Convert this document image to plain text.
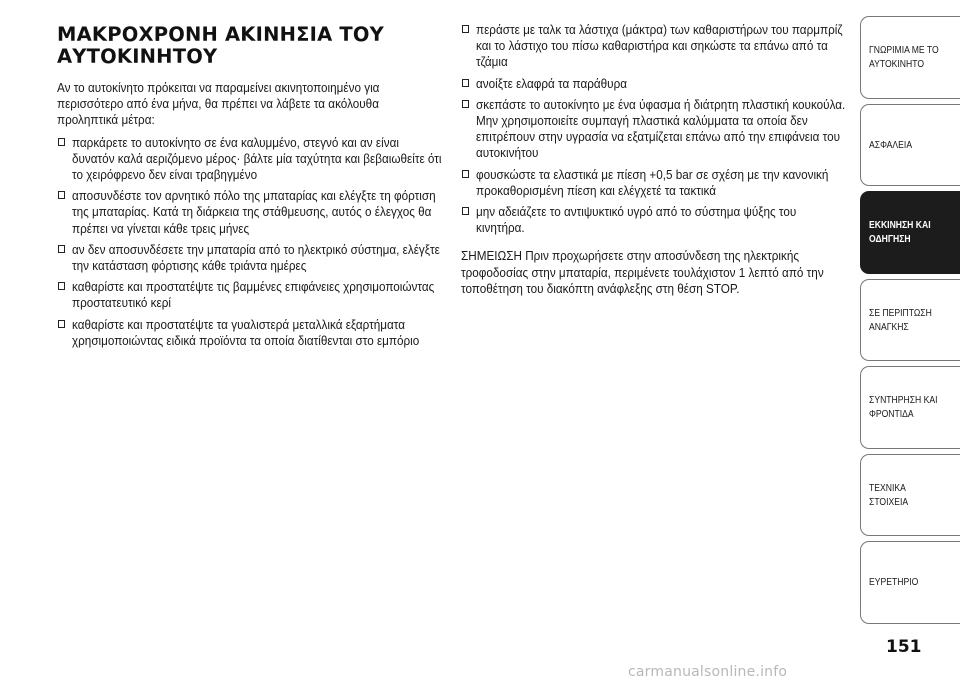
ΜΑΚΡΟΧΡΟΝΗ ΑΚΙΝΗΣΙΑ ΤΟΥ ΑΥΤΟΚΙΝΗΤΟΥ

Αν το αυτοκίνητο πρόκειται να παραμείνει ακινητοποιημένο για περισσότερο από ένα μήνα, θα πρέπει να λάβετε τα ακόλουθα προληπτικά μέτρα:

παρκάρετε το αυτοκίνητο σε ένα καλυμμένο, στεγνό και αν είναι δυνατόν καλά αεριζόμενο μέρος· βάλτε μία ταχύτητα και βεβαιωθείτε ότι το χειρόφρενο δεν είναι τραβηγμένο
αποσυνδέστε τον αρνητικό πόλο της μπαταρίας και ελέγξτε τη φόρτιση της μπαταρίας. Κατά τη διάρκεια της στάθμευσης, αυτός ο έλεγχος θα πρέπει να γίνεται κάθε τρεις μήνες
αν δεν αποσυνδέσετε την μπαταρία από το ηλεκτρικό σύστημα, ελέγξτε την κατάσταση φόρτισης κάθε τριάντα ημέρες
καθαρίστε και προστατέψτε τις βαμμένες επιφάνειες χρησιμοποιώντας προστατευτικό κερί
καθαρίστε και προστατέψτε τα γυαλιστερά μεταλλικά εξαρτήματα χρησιμοποιώντας ειδικά προϊόντα τα οποία διατίθενται στο εμπόριο
περάστε με ταλκ τα λάστιχα (μάκτρα) των καθαριστήρων του παρμπρίζ και το λάστιχο του πίσω καθαριστήρα και σηκώστε τα επάνω από τα τζάμια
ανοίξτε ελαφρά τα παράθυρα
σκεπάστε το αυτοκίνητο με ένα ύφασμα ή διάτρητη πλαστική κουκούλα. Μην χρησιμοποιείτε συμπαγή πλαστικά καλύμματα τα οποία δεν επιτρέπουν στην υγρασία να εξατμίζεται επάνω από την επιφάνεια του αυτοκινήτου
φουσκώστε τα ελαστικά με πίεση +0,5 bar σε σχέση με την κανονική προκαθορισμένη πίεση και ελέγχετέ τα τακτικά
μην αδειάζετε το αντιψυκτικό υγρό από το σύστημα ψύξης του κινητήρα.

ΣΗΜΕΙΩΣΗ Πριν προχωρήσετε στην αποσύνδεση της ηλεκτρικής τροφοδοσίας στην μπαταρία, περιμένετε τουλάχιστον 1 λεπτό από την τοποθέτηση του διακόπτη ανάφλεξης στη θέση STOP.

ΓΝΩΡΙΜΙΑ ΜΕ ΤΟ
ΑΥΤΟΚΙΝΗΤΟ
ΑΣΦΑΛΕΙΑ
ΕΚΚΙΝΗΣΗ ΚΑΙ
ΟΔΗΓΗΣΗ
ΣΕ ΠΕΡΙΠΤΩΣΗ
ΑΝΑΓΚΗΣ
ΣΥΝΤΗΡΗΣΗ ΚΑΙ
ΦΡΟΝΤΙΔΑ
ΤΕΧΝΙΚΑ ΣΤΟΙΧΕΙΑ
ΕΥΡΕΤΗΡΙΟ
151
carmanualsonline.info
